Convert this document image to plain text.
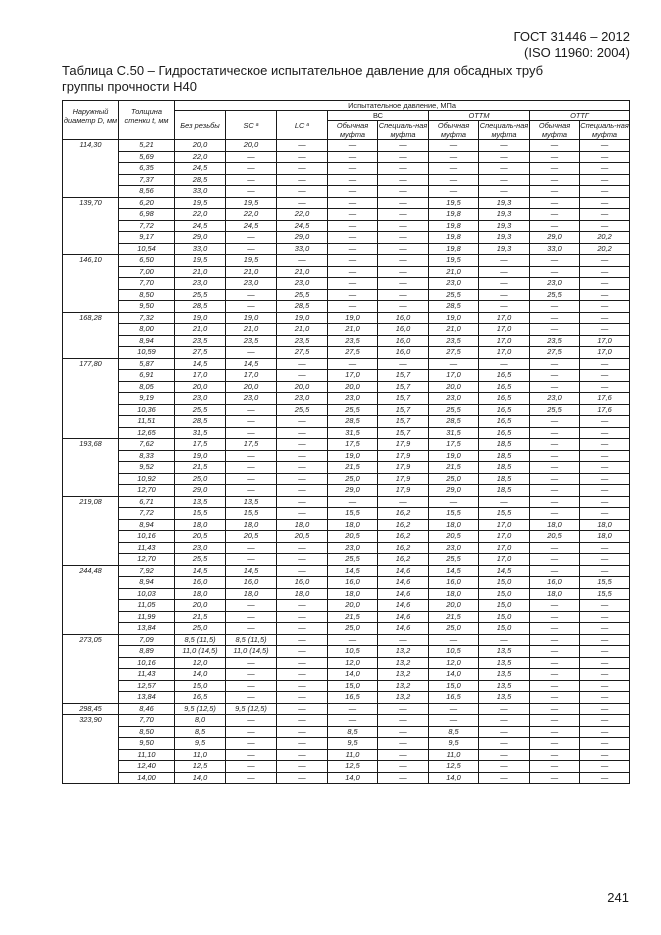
ГОСТ 31446 – 2012
(ISO 11960: 2004)
Таблица С.50 – Гидростатическое испытательное давление для обсадных труб
группы прочности Н40
Наружный диаметр D, мм	Толщина стенки t, мм	Испытательное давление, МПа								
		Без резьбы	SC $^а$	LC $^а$	ВС		ОТТМ		ОТТГ	
					Обычная муфта	Специаль-ная муфта	Обычная муфта	Специаль-ная муфта	Обычная муфта	Специаль-ная муфта
114,30	5,21	20,0	20,0	—	—	—	—	—	—	—
	5,69	22,0	—	—	—	—	—	—	—	—
	6,35	24,5	—	—	—	—	—	—	—	—
	7,37	28,5	—	—	—	—	—	—	—	—
	8,56	33,0	—	—	—	—	—	—	—	—
139,70	6,20	19,5	19,5	—	—	—	19,5	19,3	—	—
	6,98	22,0	22,0	22,0	—	—	19,8	19,3	—	—
	7,72	24,5	24,5	24,5	—	—	19,8	19,3	—	—
	9,17	29,0	—	29,0	—	—	19,8	19,3	29,0	20,2
	10,54	33,0	—	33,0	—	—	19,8	19,3	33,0	20,2
146,10	6,50	19,5	19,5	—	—	—	19,5	—	—	—
	7,00	21,0	21,0	21,0	—	—	21,0	—	—	—
	7,70	23,0	23,0	23,0	—	—	23,0	—	23,0	—
	8,50	25,5	—	25,5	—	—	25,5	—	25,5	—
	9,50	28,5	—	28,5	—	—	28,5	—	—	—
168,28	7,32	19,0	19,0	19,0	19,0	16,0	19,0	17,0	—	—
	8,00	21,0	21,0	21,0	21,0	16,0	21,0	17,0	—	—
	8,94	23,5	23,5	23,5	23,5	16,0	23,5	17,0	23,5	17,0
	10,59	27,5	—	27,5	27,5	16,0	27,5	17,0	27,5	17,0
177,80	5,87	14,5	14,5	—	—	—	—	—	—	—
	6,91	17,0	17,0	—	17,0	15,7	17,0	16,5	—	—
	8,05	20,0	20,0	20,0	20,0	15,7	20,0	16,5	—	—
	9,19	23,0	23,0	23,0	23,0	15,7	23,0	16,5	23,0	17,6
	10,36	25,5	—	25,5	25,5	15,7	25,5	16,5	25,5	17,6
	11,51	28,5	—	—	28,5	15,7	28,5	16,5	—	—
	12,65	31,5	—	—	31,5	15,7	31,5	16,5	—	—
193,68	7,62	17,5	17,5	—	17,5	17,9	17,5	18,5	—	—
	8,33	19,0	—	—	19,0	17,9	19,0	18,5	—	—
	9,52	21,5	—	—	21,5	17,9	21,5	18,5	—	—
	10,92	25,0	—	—	25,0	17,9	25,0	18,5	—	—
	12,70	29,0	—	—	29,0	17,9	29,0	18,5	—	—
219,08	6,71	13,5	13,5	—	—	—	—	—	—	—
	7,72	15,5	15,5	—	15,5	16,2	15,5	15,5	—	—
	8,94	18,0	18,0	18,0	18,0	16,2	18,0	17,0	18,0	18,0
	10,16	20,5	20,5	20,5	20,5	16,2	20,5	17,0	20,5	18,0
	11,43	23,0	—	—	23,0	16,2	23,0	17,0	—	—
	12,70	25,5	—	—	25,5	16,2	25,5	17,0	—	—
244,48	7,92	14,5	14,5	—	14,5	14,6	14,5	14,5	—	—
	8,94	16,0	16,0	16,0	16,0	14,6	16,0	15,0	16,0	15,5
	10,03	18,0	18,0	18,0	18,0	14,6	18,0	15,0	18,0	15,5
	11,05	20,0	—	—	20,0	14,6	20,0	15,0	—	—
	11,99	21,5	—	—	21,5	14,6	21,5	15,0	—	—
	13,84	25,0	—	—	25,0	14,6	25,0	15,0	—	—
273,05	7,09	8,5 (11,5)	8,5 (11,5)	—	—	—	—	—	—	—
	8,89	11,0 (14,5)	11,0 (14,5)	—	10,5	13,2	10,5	13,5	—	—
	10,16	12,0	—	—	12,0	13,2	12,0	13,5	—	—
	11,43	14,0	—	—	14,0	13,2	14,0	13,5	—	—
	12,57	15,0	—	—	15,0	13,2	15,0	13,5	—	—
	13,84	16,5	—	—	16,5	13,2	16,5	13,5	—	—
298,45	8,46	9,5 (12,5)	9,5 (12,5)	—	—	—	—	—	—	—
323,90	7,70	8,0	—	—	—	—	—	—	—	—
	8,50	8,5	—	—	8,5	—	8,5	—	—	—
	9,50	9,5	—	—	9,5	—	9,5	—	—	—
	11,10	11,0	—	—	11,0	—	11,0	—	—	—
	12,40	12,5	—	—	12,5	—	12,5	—	—	—
	14,00	14,0	—	—	14,0	—	14,0	—	—	—
241
